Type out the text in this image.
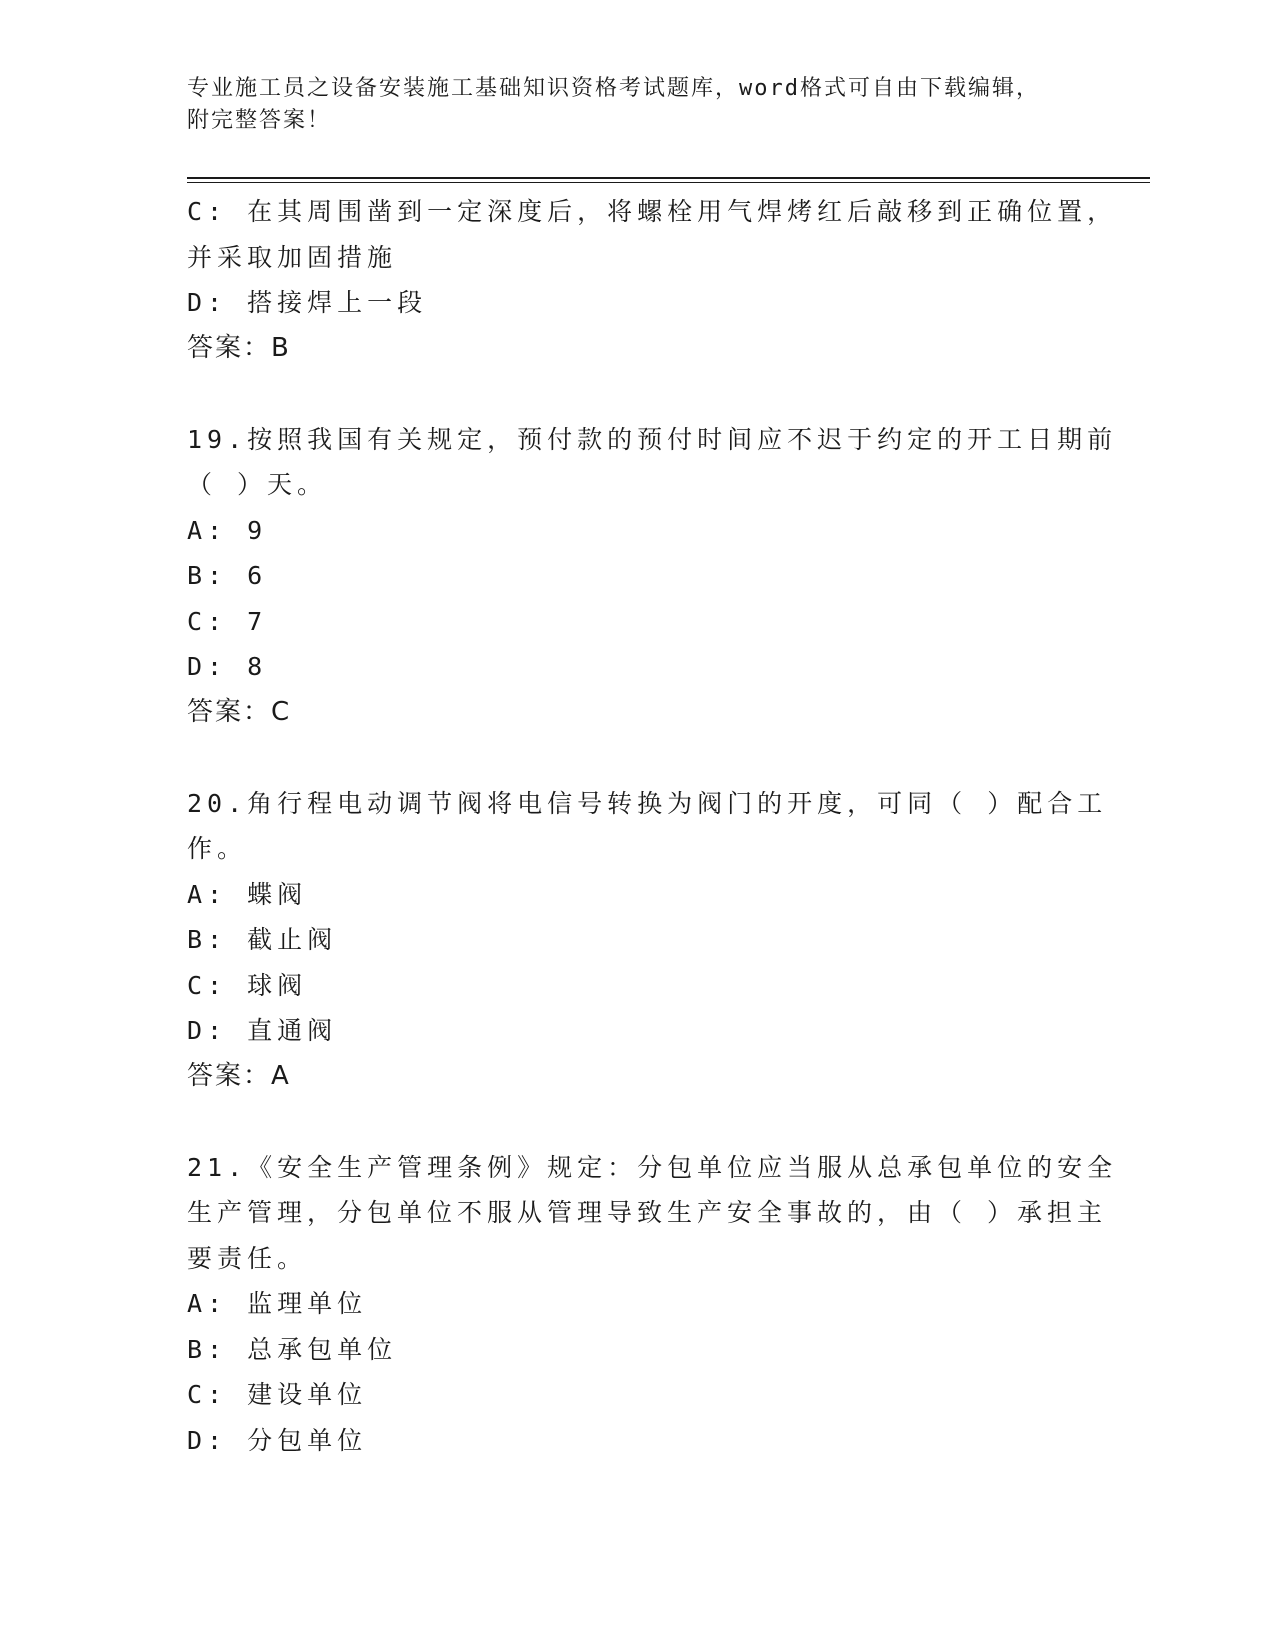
专业施工员之设备安装施工基础知识资格考试题库，word格式可自由下载编辑，
附完整答案！
C: 在其周围凿到一定深度后，将螺栓用气焊烤红后敲移到正确位置，
并采取加固措施
D: 搭接焊上一段
答案：B
19.按照我国有关规定，预付款的预付时间应不迟于约定的开工日期前
（ ）天。
A: 9
B: 6
C: 7
D: 8
答案：C
20.角行程电动调节阀将电信号转换为阀门的开度，可同（ ）配合工
作。
A: 蝶阀
B: 截止阀
C: 球阀
D: 直通阀
答案：A
21.《安全生产管理条例》规定：分包单位应当服从总承包单位的安全
生产管理，分包单位不服从管理导致生产安全事故的，由（ ）承担主
要责任。
A: 监理单位
B: 总承包单位
C: 建设单位
D: 分包单位
